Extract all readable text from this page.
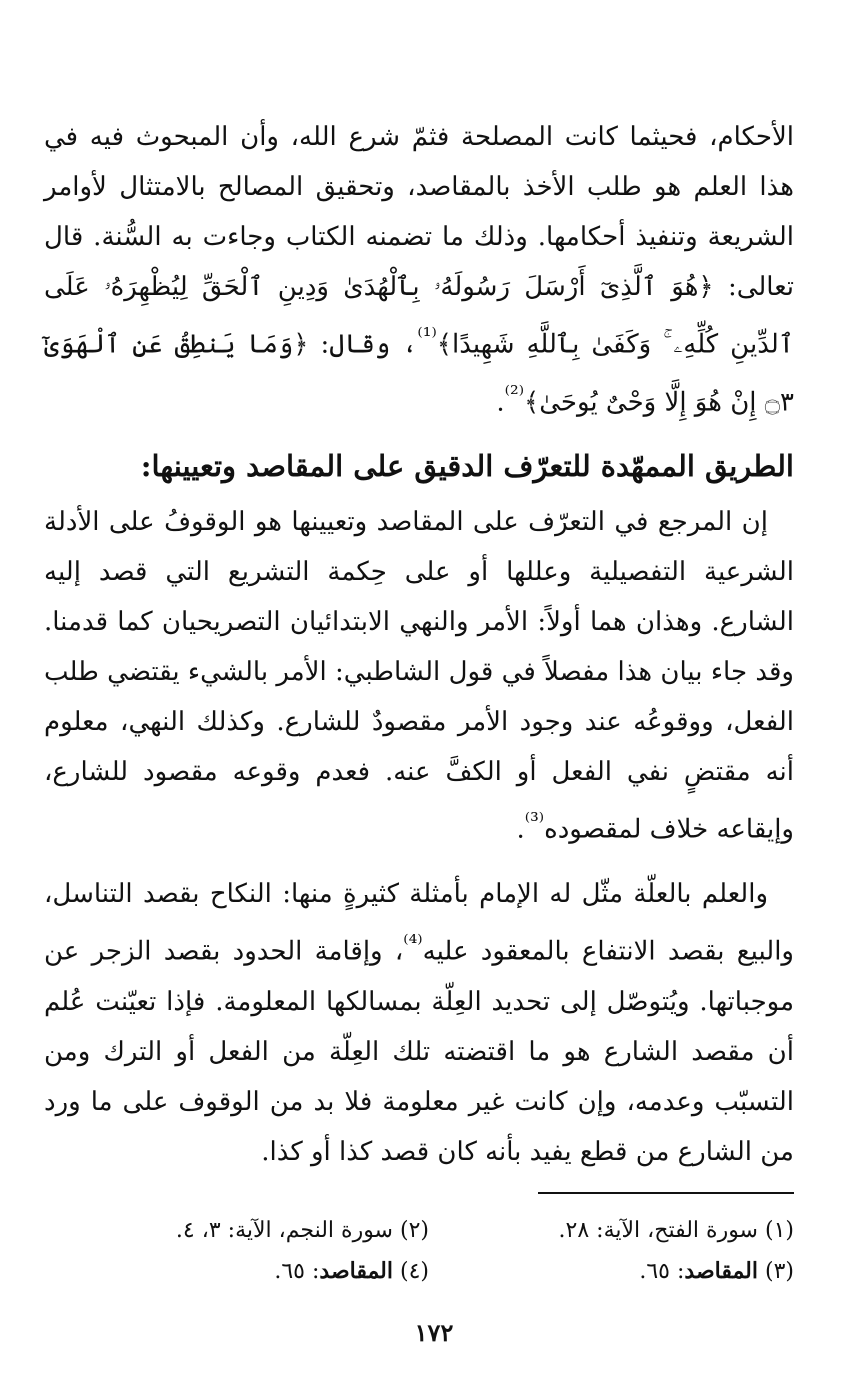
الأحكام، فحيثما كانت المصلحة فثمّ شرع الله، وأن المبحوث فيه في هذا العلم هو طلب الأخذ بالمقاصد، وتحقيق المصالح بالامتثال لأوامر الشريعة وتنفيذ أحكامها. وذلك ما تضمنه الكتاب وجاءت به السُّنة. قال تعالى: ﴿هُوَ ٱلَّذِىٓ أَرْسَلَ رَسُولَهُۥ بِٱلْهُدَىٰ وَدِينِ ٱلْحَقِّ لِيُظْهِرَهُۥ عَلَى ٱلدِّينِ كُلِّهِۦ ۚ وَكَفَىٰ بِٱللَّهِ شَهِيدًا﴾$^{^{(1)}}$، وقال: ﴿وَمَا يَنطِقُ عَنِ ٱلْهَوَىٰٓ ۝٣ إِنْ هُوَ إِلَّا وَحْىٌ يُوحَىٰ﴾$^{^{(2)}}$.

الطريق الممهّدة للتعرّف الدقيق على المقاصد وتعيينها:

إن المرجع في التعرّف على المقاصد وتعيينها هو الوقوفُ على الأدلة الشرعية التفصيلية وعللها أو على حِكمة التشريع التي قصد إليه الشارع. وهذان هما أولاً: الأمر والنهي الابتدائيان التصريحيان كما قدمنا. وقد جاء بيان هذا مفصلاً في قول الشاطبي: الأمر بالشيء يقتضي طلب الفعل، ووقوعُه عند وجود الأمر مقصودٌ للشارع. وكذلك النهي، معلوم أنه مقتضٍ نفي الفعل أو الكفَّ عنه. فعدم وقوعه مقصود للشارع، وإيقاعه خلاف لمقصوده$^{^{(3)}}$.

والعلم بالعلّة مثّل له الإمام بأمثلة كثيرةٍ منها: النكاح بقصد التناسل، والبيع بقصد الانتفاع بالمعقود عليه$^{^{(4)}}$، وإقامة الحدود بقصد الزجر عن موجباتها. ويُتوصّل إلى تحديد العِلّة بمسالكها المعلومة. فإذا تعيّنت عُلم أن مقصد الشارع هو ما اقتضته تلك العِلّة من الفعل أو الترك ومن التسبّب وعدمه، وإن كانت غير معلومة فلا بد من الوقوف على ما ورد من الشارع من قطع يفيد بأنه كان قصد كذا أو كذا.

(١) سورة الفتح، الآية: ٢٨.
(٢) سورة النجم، الآية: ٣، ٤.
(٣) المقاصد: ٦٥.
(٤) المقاصد: ٦٥.
١٧٢
